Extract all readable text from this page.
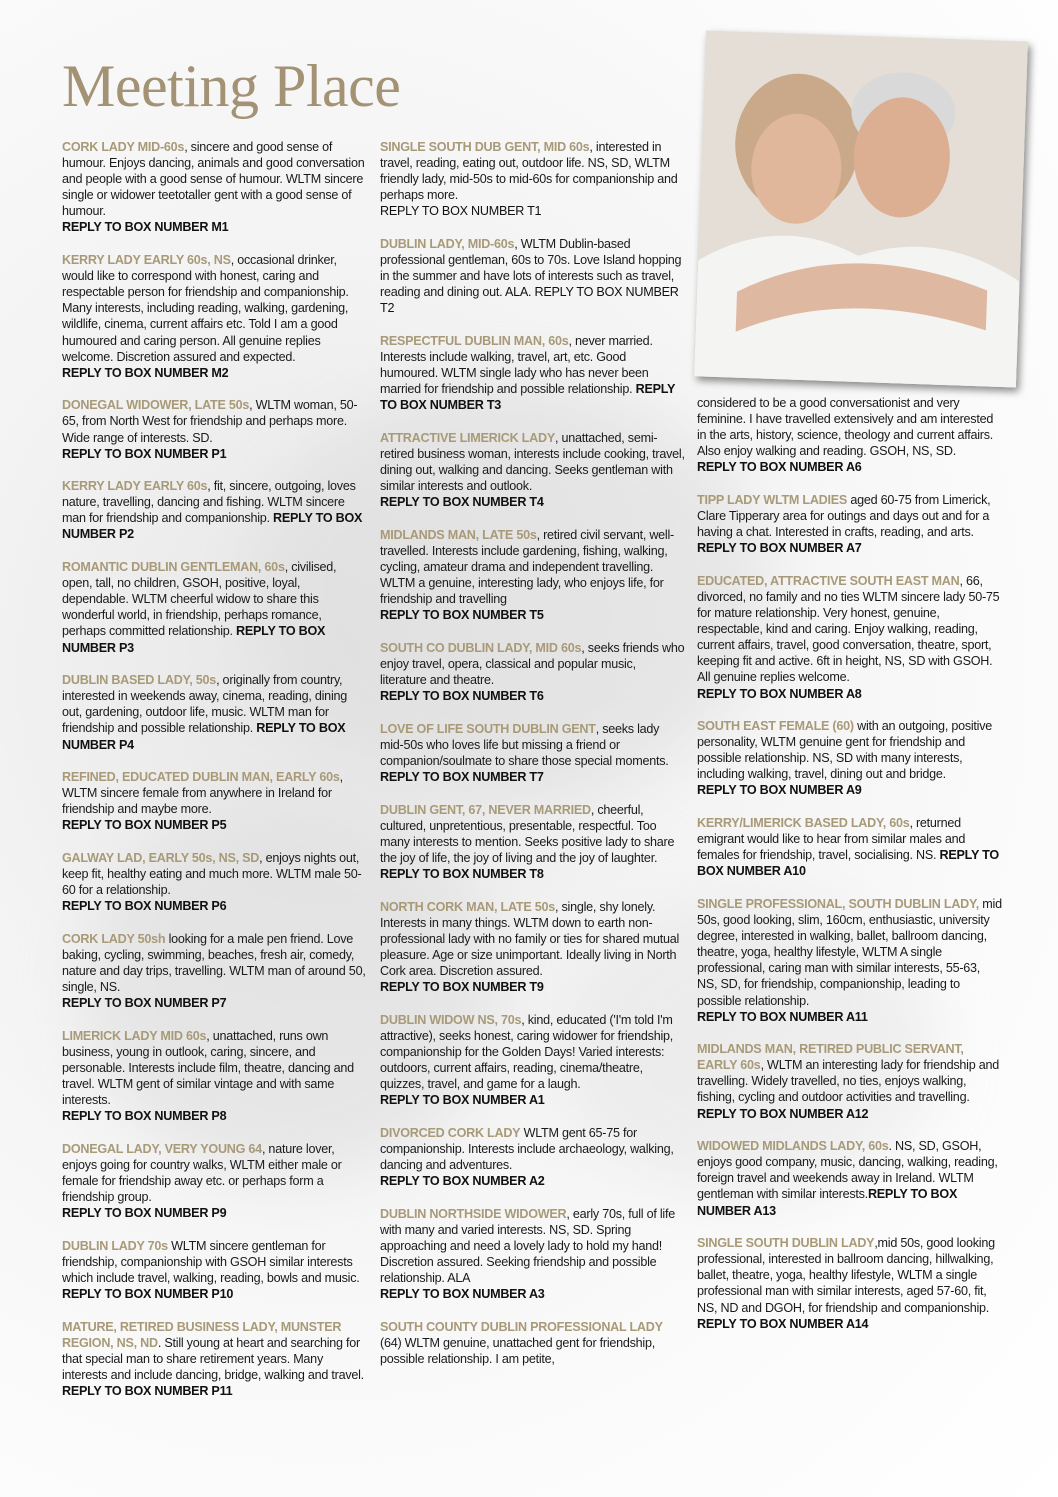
Meeting Place
CORK LADY MID-60s, sincere and good sense of humour. Enjoys dancing, animals and good conversation and people with a good sense of humour. WLTM sincere single or widower teetotaller gent with a good sense of humour.
REPLY TO BOX NUMBER M1
KERRY LADY EARLY 60s, NS, occasional drinker, would like to correspond with honest, caring and respectable person for friendship and companionship. Many interests, including reading, walking, gardening, wildlife, cinema, current affairs etc. Told I am a good humoured and caring person. All genuine replies welcome. Discretion assured and expected.
REPLY TO BOX NUMBER M2
DONEGAL WIDOWER, LATE 50s, WLTM woman, 50-65, from North West for friendship and perhaps more. Wide range of interests. SD.
REPLY TO BOX NUMBER P1
KERRY LADY EARLY 60s, fit, sincere, outgoing, loves nature, travelling, dancing and fishing. WLTM sincere man for friendship and companionship. REPLY TO BOX NUMBER P2
ROMANTIC DUBLIN GENTLEMAN, 60s, civilised, open, tall, no children, GSOH, positive, loyal, dependable. WLTM cheerful widow to share this wonderful world, in friendship, perhaps romance, perhaps committed relationship. REPLY TO BOX NUMBER P3
DUBLIN BASED LADY, 50s, originally from country, interested in weekends away, cinema, reading, dining out, gardening, outdoor life, music. WLTM man for friendship and possible relationship. REPLY TO BOX NUMBER P4
REFINED, EDUCATED DUBLIN MAN, EARLY 60s, WLTM sincere female from anywhere in Ireland for friendship and maybe more.
REPLY TO BOX NUMBER P5
GALWAY LAD, EARLY 50s, NS, SD, enjoys nights out, keep fit, healthy eating and much more. WLTM male 50-60 for a relationship.
REPLY TO BOX NUMBER P6
CORK LADY 50sh looking for a male pen friend. Love baking, cycling, swimming, beaches, fresh air, comedy, nature and day trips, travelling. WLTM man of around 50, single, NS.
REPLY TO BOX NUMBER P7
LIMERICK LADY MID 60s, unattached, runs own business, young in outlook, caring, sincere, and personable. Interests include film, theatre, dancing and travel. WLTM gent of similar vintage and with same interests.
REPLY TO BOX NUMBER P8
DONEGAL LADY, VERY YOUNG 64, nature lover, enjoys going for country walks, WLTM either male or female for friendship away etc. or perhaps form a friendship group.
REPLY TO BOX NUMBER P9
DUBLIN LADY 70s WLTM sincere gentleman for friendship, companionship with GSOH similar interests which include travel, walking, reading, bowls and music.
REPLY TO BOX NUMBER P10
MATURE, RETIRED BUSINESS LADY, MUNSTER REGION, NS, ND. Still young at heart and searching for that special man to share retirement years. Many interests and include dancing, bridge, walking and travel.
REPLY TO BOX NUMBER P11
SINGLE SOUTH DUB GENT, MID 60s, interested in travel, reading, eating out, outdoor life. NS, SD, WLTM friendly lady, mid-50s to mid-60s for companionship and perhaps more.
REPLY TO BOX NUMBER T1
DUBLIN LADY, MID-60s, WLTM Dublin-based professional gentleman, 60s to 70s. Love Island hopping in the summer and have lots of interests such as travel, reading and dining out. ALA. REPLY TO BOX NUMBER T2
RESPECTFUL DUBLIN MAN, 60s, never married. Interests include walking, travel, art, etc. Good humoured. WLTM single lady who has never been married for friendship and possible relationship. REPLY TO BOX NUMBER T3
ATTRACTIVE LIMERICK LADY, unattached, semi-retired business woman, interests include cooking, travel, dining out, walking and dancing. Seeks gentleman with similar interests and outlook.
REPLY TO BOX NUMBER T4
MIDLANDS MAN, LATE 50s, retired civil servant, well-travelled. Interests include gardening, fishing, walking, cycling, amateur drama and independent travelling. WLTM a genuine, interesting lady, who enjoys life, for friendship and travelling
REPLY TO BOX NUMBER T5
SOUTH CO DUBLIN LADY, MID 60s, seeks friends who enjoy travel, opera, classical and popular music, literature and theatre.
REPLY TO BOX NUMBER T6
LOVE OF LIFE SOUTH DUBLIN GENT, seeks lady mid-50s who loves life but missing a friend or companion/soulmate to share those special moments. REPLY TO BOX NUMBER T7
DUBLIN GENT, 67, NEVER MARRIED, cheerful, cultured, unpretentious, presentable, respectful. Too many interests to mention. Seeks positive lady to share the joy of life, the joy of living and the joy of laughter.
REPLY TO BOX NUMBER T8
NORTH CORK MAN, LATE 50s, single, shy lonely. Interests in many things. WLTM down to earth non-professional lady with no family or ties for shared mutual pleasure. Age or size unimportant. Ideally living in North Cork area. Discretion assured.
REPLY TO BOX NUMBER T9
DUBLIN WIDOW NS, 70s, kind, educated ('I'm told I'm attractive), seeks honest, caring widower for friendship, companionship for the Golden Days! Varied interests: outdoors, current affairs, reading, cinema/theatre, quizzes, travel, and game for a laugh.
REPLY TO BOX NUMBER A1
DIVORCED CORK LADY WLTM gent 65-75 for companionship. Interests include archaeology, walking, dancing and adventures.
REPLY TO BOX NUMBER A2
DUBLIN NORTHSIDE WIDOWER, early 70s, full of life with many and varied interests. NS, SD. Spring approaching and need a lovely lady to hold my hand! Discretion assured. Seeking friendship and possible relationship. ALA
REPLY TO BOX NUMBER A3
SOUTH COUNTY DUBLIN PROFESSIONAL LADY (64) WLTM genuine, unattached gent for friendship, possible relationship. I am petite,
considered to be a good conversationist and very feminine. I have travelled extensively and am interested in the arts, history, science, theology and current affairs. Also enjoy walking and reading. GSOH, NS, SD.
REPLY TO BOX NUMBER A6
TIPP LADY WLTM LADIES aged 60-75 from Limerick, Clare Tipperary area for outings and days out and for a having a chat. Interested in crafts, reading, and arts.
REPLY TO BOX NUMBER A7
EDUCATED, ATTRACTIVE SOUTH EAST MAN, 66, divorced, no family and no ties WLTM sincere lady 50-75 for mature relationship. Very honest, genuine, respectable, kind and caring. Enjoy walking, reading, current affairs, travel, good conversation, theatre, sport, keeping fit and active. 6ft in height, NS, SD with GSOH. All genuine replies welcome.
REPLY TO BOX NUMBER A8
SOUTH EAST FEMALE (60) with an outgoing, positive personality, WLTM genuine gent for friendship and possible relationship. NS, SD with many interests, including walking, travel, dining out and bridge.
REPLY TO BOX NUMBER A9
KERRY/LIMERICK BASED LADY, 60s, returned emigrant would like to hear from similar males and females for friendship, travel, socialising. NS. REPLY TO BOX NUMBER A10
SINGLE PROFESSIONAL, SOUTH DUBLIN LADY, mid 50s, good looking, slim, 160cm, enthusiastic, university degree, interested in walking, ballet, ballroom dancing, theatre, yoga, healthy lifestyle, WLTM A single professional, caring man with similar interests, 55-63, NS, SD, for friendship, companionship, leading to possible relationship.
REPLY TO BOX NUMBER A11
MIDLANDS MAN, RETIRED PUBLIC SERVANT, EARLY 60s, WLTM an interesting lady for friendship and travelling. Widely travelled, no ties, enjoys walking, fishing, cycling and outdoor activities and travelling.
REPLY TO BOX NUMBER A12
WIDOWED MIDLANDS LADY, 60s. NS, SD, GSOH, enjoys good company, music, dancing, walking, reading, foreign travel and weekends away in Ireland. WLTM gentleman with similar interests.REPLY TO BOX NUMBER A13
SINGLE SOUTH DUBLIN LADY,mid 50s, good looking professional, interested in ballroom dancing, hillwalking, ballet, theatre, yoga, healthy lifestyle, WLTM a single professional man with similar interests, aged 57-60, fit, NS, ND and DGOH, for friendship and companionship. REPLY TO BOX NUMBER A14
